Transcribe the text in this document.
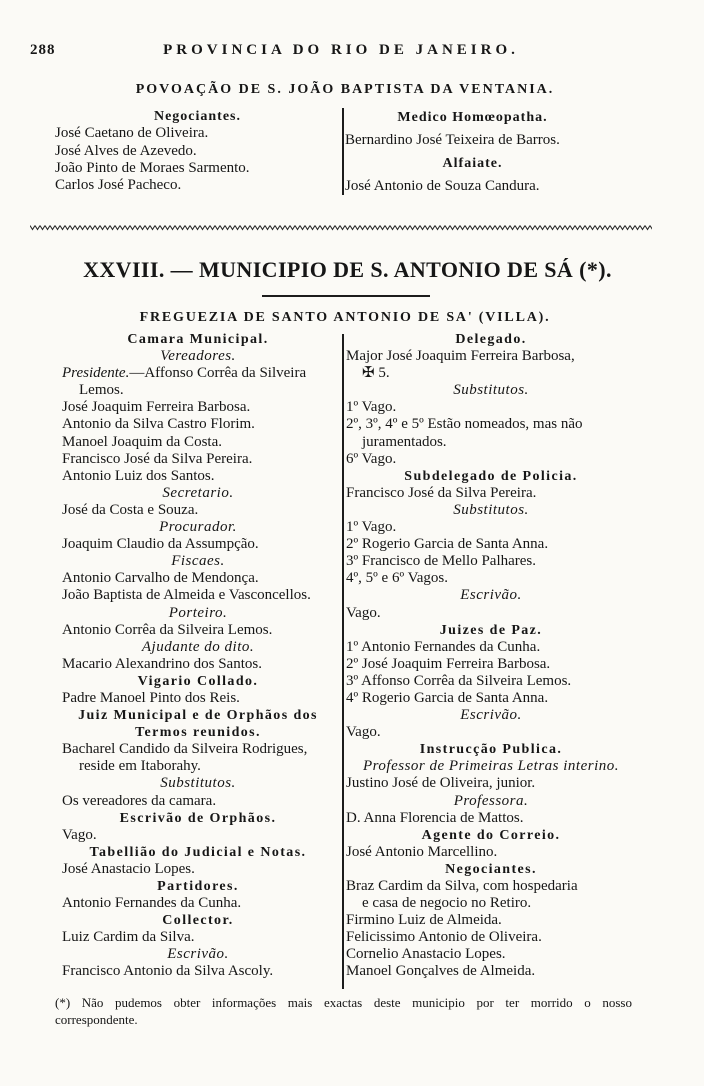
288	PROVINCIA DO RIO DE JANEIRO.
POVOAÇÃO DE S. JOÃO BAPTISTA DA VENTANIA.
Negociantes.
José Caetano de Oliveira.
José Alves de Azevedo.
João Pinto de Moraes Sarmento.
Carlos José Pacheco.
Medico Homœopatha.
Bernardino José Teixeira de Barros.
Alfaiate.
José Antonio de Souza Candura.
XXVIII. — MUNICIPIO DE S. ANTONIO DE SÁ (*).
FREGUEZIA DE SANTO ANTONIO DE SA' (VILLA).
Camara Municipal.
Vereadores.
Presidente.—Affonso Corrêa da Silveira
Lemos.
José Joaquim Ferreira Barbosa.
Antonio da Silva Castro Florim.
Manoel Joaquim da Costa.
Francisco José da Silva Pereira.
Antonio Luiz dos Santos.
Secretario.
José da Costa e Souza.
Procurador.
Joaquim Claudio da Assumpção.
Fiscaes.
Antonio Carvalho de Mendonça.
João Baptista de Almeida e Vasconcellos.
Porteiro.
Antonio Corrêa da Silveira Lemos.
Ajudante do dito.
Macario Alexandrino dos Santos.
Vigario Collado.
Padre Manoel Pinto dos Reis.
Juiz Municipal e de Orphãos dos
Termos reunidos.
Bacharel Candido da Silveira Rodrigues,
reside em Itaborahy.
Substitutos.
Os vereadores da camara.
Escrivão de Orphãos.
Vago.
Tabellião do Judicial e Notas.
José Anastacio Lopes.
Partidores.
Antonio Fernandes da Cunha.
Collector.
Luiz Cardim da Silva.
Escrivão.
Francisco Antonio da Silva Ascoly.
Delegado.
Major José Joaquim Ferreira Barbosa,
✠ 5.
Substitutos.
1º Vago.
2º, 3º, 4º e 5º Estão nomeados, mas não
juramentados.
6º Vago.
Subdelegado de Policia.
Francisco José da Silva Pereira.
Substitutos.
1º Vago.
2º Rogerio Garcia de Santa Anna.
3º Francisco de Mello Palhares.
4º, 5º e 6º Vagos.
Escrivão.
Vago.
Juizes de Paz.
1º Antonio Fernandes da Cunha.
2º José Joaquim Ferreira Barbosa.
3º Affonso Corrêa da Silveira Lemos.
4º Rogerio Garcia de Santa Anna.
Escrivão.
Vago.
Instrucção Publica.
Professor de Primeiras Letras interino.
Justino José de Oliveira, junior.
Professora.
D. Anna Florencia de Mattos.
Agente do Correio.
José Antonio Marcellino.
Negociantes.
Braz Cardim da Silva, com hospedaria
e casa de negocio no Retiro.
Firmino Luiz de Almeida.
Felicissimo Antonio de Oliveira.
Cornelio Anastacio Lopes.
Manoel Gonçalves de Almeida.
(*) Não pudemos obter informações mais exactas deste municipio por ter morrido o nosso
correspondente.
